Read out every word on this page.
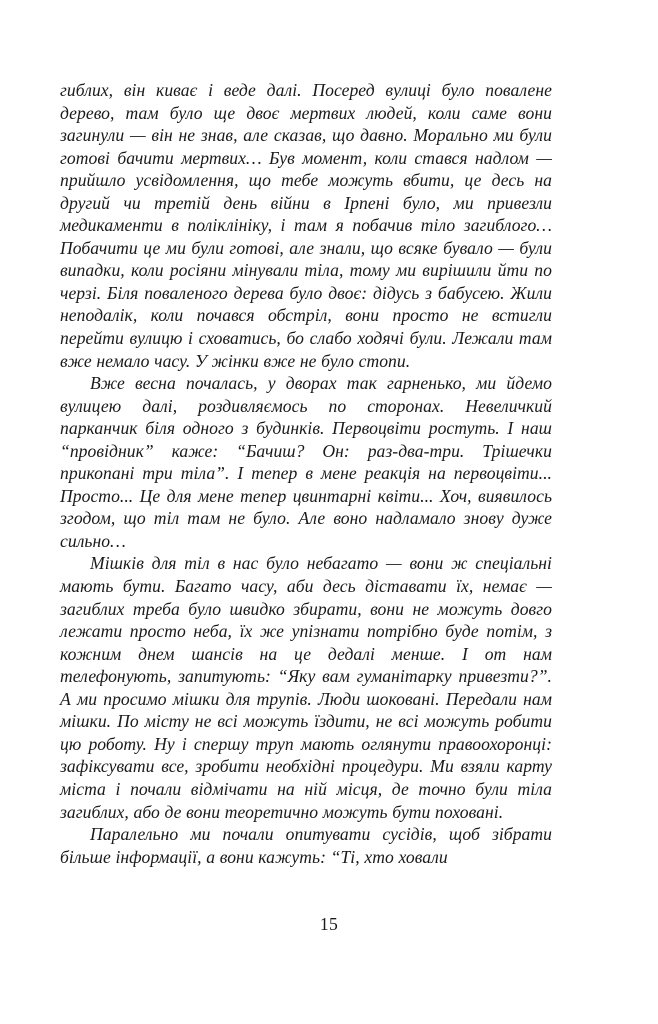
гиблих, він киває і веде далі. Посеред вулиці було повалене дерево, там було ще двоє мертвих людей, коли саме вони загинули — він не знав, але сказав, що давно. Морально ми були готові бачити мертвих… Був момент, коли стався надлом — прийшло усвідомлення, що тебе можуть вбити, це десь на другий чи третій день війни в Ірпені було, ми привезли медикаменти в поліклініку, і там я побачив тіло загиблого… Побачити це ми були готові, але знали, що всяке бувало — були випадки, коли росіяни мінували тіла, тому ми вирішили йти по черзі. Біля поваленого дерева було двоє: дідусь з бабусею. Жили неподалік, коли почався обстріл, вони просто не встигли перейти вулицю і сховатись, бо слабо ходячі були. Лежали там вже немало часу. У жінки вже не було стопи.

Вже весна почалась, у дворах так гарненько, ми йдемо вулицею далі, роздивляємось по сторонах. Невеличкий парканчик біля одного з будинків. Первоцвіти ростуть. І наш “провідник” каже: “Бачиш? Он: раз-два-три. Трішечки прикопані три тіла”. І тепер в мене реакція на первоцвіти... Просто... Це для мене тепер цвинтарні квіти... Хоч, виявилось згодом, що тіл там не було. Але воно надламало знову дуже сильно…

Мішків для тіл в нас було небагато — вони ж спеціальні мають бути. Багато часу, аби десь діставати їх, немає — загиблих треба було швидко збирати, вони не можуть довго лежати просто неба, їх же упізнати потрібно буде потім, з кожним днем шансів на це дедалі менше. І от нам телефонують, запитують: “Яку вам гуманітарку привезти?”. А ми просимо мішки для трупів. Люди шоковані. Передали нам мішки. По місту не всі можуть їздити, не всі можуть робити цю роботу. Ну і спершу труп мають оглянути правоохоронці: зафіксувати все, зробити необхідні процедури. Ми взяли карту міста і почали відмічати на ній місця, де точно були тіла загиблих, або де вони теоретично можуть бути поховані.

Паралельно ми почали опитувати сусідів, щоб зібрати більше інформації, а вони кажуть: “Ті, хто ховали

15
